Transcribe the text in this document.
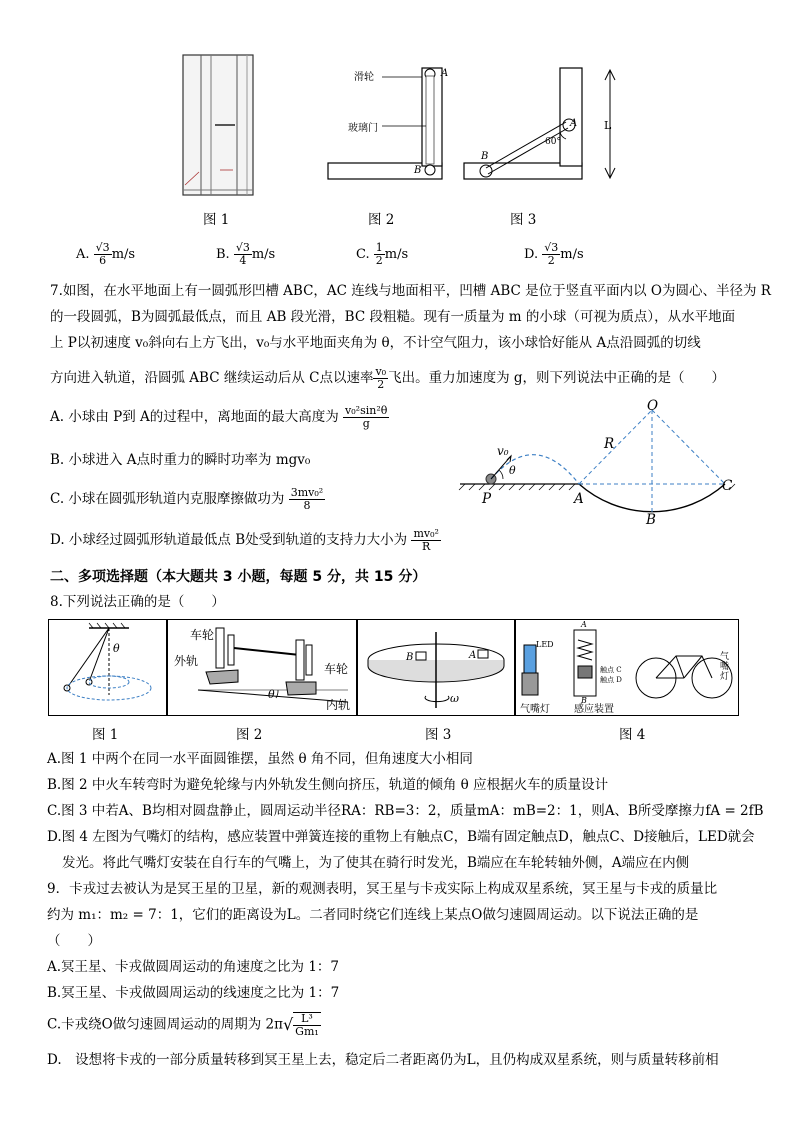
图 1
滑轮
玻璃门
A
B
图 2
A
B
60°
L
图 3
A. $\frac{√3}{6} m/s$	B. $\frac{√3}{4} m/s$	C. $\frac{1}{2} m/s$	D. $\frac{√3}{2} m/s$
7.如图，在水平地面上有一圆弧形凹槽 ABC，AC 连线与地面相平，凹槽 ABC 是位于竖直平面内以 O为圆心、半径为 R
的一段圆弧，B为圆弧最低点，而且 AB 段光滑，BC 段粗糙。现有一质量为 m 的小球（可视为质点），从水平地面
上 P以初速度 v₀斜向右上方飞出，v₀与水平地面夹角为 θ，不计空气阻力，该小球恰好能从 A点沿圆弧的切线
方向进入轨道，沿圆弧 ABC 继续运动后从 C点以速率 $\frac{\text{v₀}}{2}$ 飞出。重力加速度为 g，则下列说法中正确的是（　　）
A. 小球由 P到 A的过程中，离地面的最大高度为 $\frac{\text{v₀²sin²θ}}{g}$
B. 小球进入 A点时重力的瞬时功率为 mgv₀
C. 小球在圆弧形轨道内克服摩擦做功为 $\frac{\text{3mv₀²}}{8}$
D. 小球经过圆弧形轨道最低点 B处受到轨道的支持力大小为 $\frac{\text{mv₀²}}{R}$
O
R
v₀
θ
P	A
B
C
二、多项选择题（本大题共 3 小题，每题 5 分，共 15 分）
8.下列说法正确的是（　　）
θ
车轮
外轨
车轮
内轨
θ
B	A
ω
LED
触点 C
触点 D
A
B
气嘴灯 感应装置
气嘴灯
图 1	图 2	图 3	图 4
A.图 1 中两个在同一水平面圆锥摆，虽然 θ 角不同，但角速度大小相同
B.图 2 中火车转弯时为避免轮缘与内外轨发生侧向挤压，轨道的倾角 θ 应根据火车的质量设计
C.图 3 中若A、B均相对圆盘静止，圆周运动半径RA：RB=3：2，质量mA：mB=2：1，则A、B所受摩擦力fA = 2fB
D.图 4 左图为气嘴灯的结构，感应装置中弹簧连接的重物上有触点C，B端有固定触点D，触点C、D接触后，LED就会
发光。将此气嘴灯安装在自行车的气嘴上，为了使其在骑行时发光，B端应在车轮转轴外侧，A端应在内侧
9．卡戎过去被认为是冥王星的卫星，新的观测表明，冥王星与卡戎实际上构成双星系统，冥王星与卡戎的质量比
约为 m₁：m₂ = 7：1，它们的距离设为L。二者同时绕它们连线上某点O做匀速圆周运动。以下说法正确的是
（　　）
A.冥王星、卡戎做圆周运动的角速度之比为 1：7
B.冥王星、卡戎做圆周运动的线速度之比为 1：7
C.卡戎绕O做匀速圆周运动的周期为 $2\pi√ \frac{\text{L³}}{\text{Gm₁}}$
D.　设想将卡戎的一部分质量转移到冥王星上去，稳定后二者距离仍为L，且仍构成双星系统，则与质量转移前相
